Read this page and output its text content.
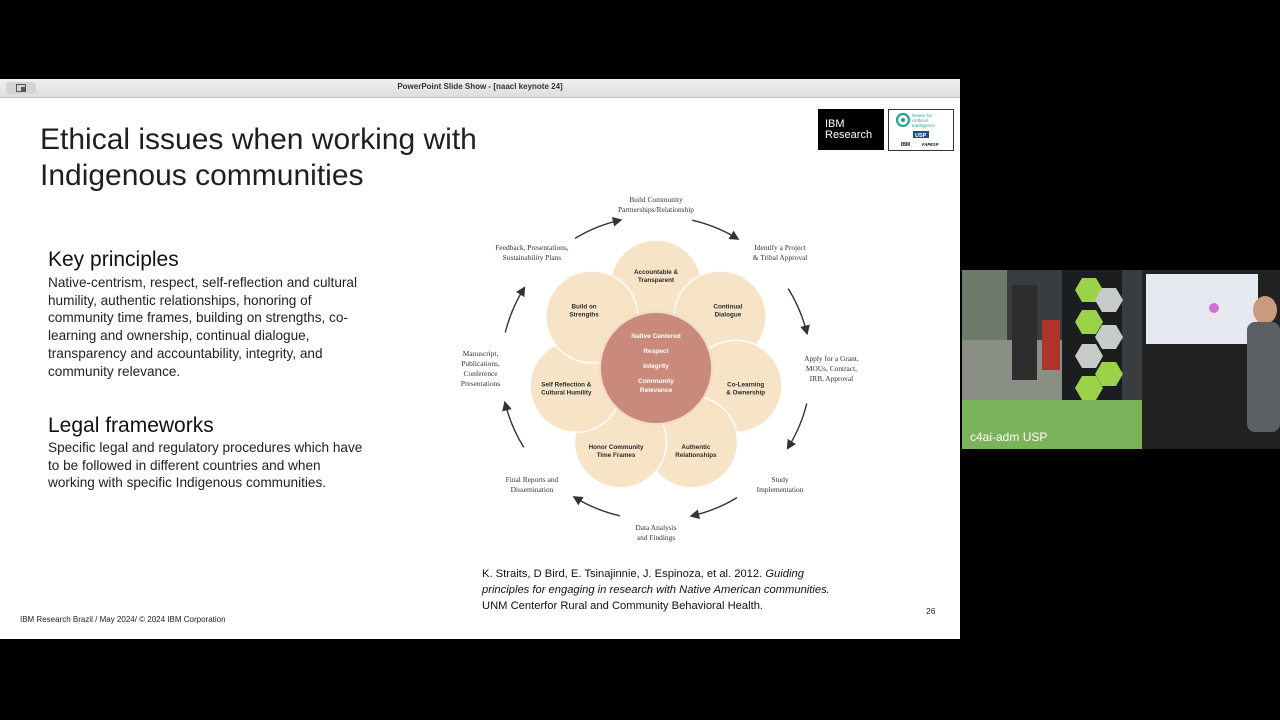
PowerPoint Slide Show - [naacl keynote 24]
Ethical issues when working with
Indigenous communities
IBM
Research
Center for
Artificial
Intelligence
USP
IBM	FAPESP
Key principles
Native-centrism, respect, self-reflection and cultural
humility, authentic relationships, honoring of
community time frames, building on strengths, co-
learning and ownership, continual dialogue,
transparency and accountability, integrity, and
community relevance.
Legal frameworks
Specific legal and regulatory procedures which have
to be followed in different countries and when
working with specific Indigenous communities.
Accountable &
Transparent
Continual
Dialogue
Co-Learning
& Ownership
Authentic
Relationships
Honor Community
Time Frames
Self Reflection &
Cultural Humility
Build on
Strengths
Native Centered
Respect
Integrity
Community
Relevance
Build Community
Partnerships/Relationship
Identify a Project
& Tribal Approval
Apply for a Grant,
MOUs, Contract,
IRB, Approval
Study
Implementation
Data Analysis
and Findings
Final Reports and
Dissemination
Manuscript,
Publications,
Conference
Presentations
Feedback, Presentations,
Sustainability Plans
K. Straits, D Bird, E. Tsinajinnie, J. Espinoza, et al. 2012. Guiding
principles for engaging in research with Native American communities.
UNM Centerfor Rural and Community Behavioral Health.	26
IBM Research Brazil / May 2024/ © 2024 IBM Corporation
c4ai-adm USP
